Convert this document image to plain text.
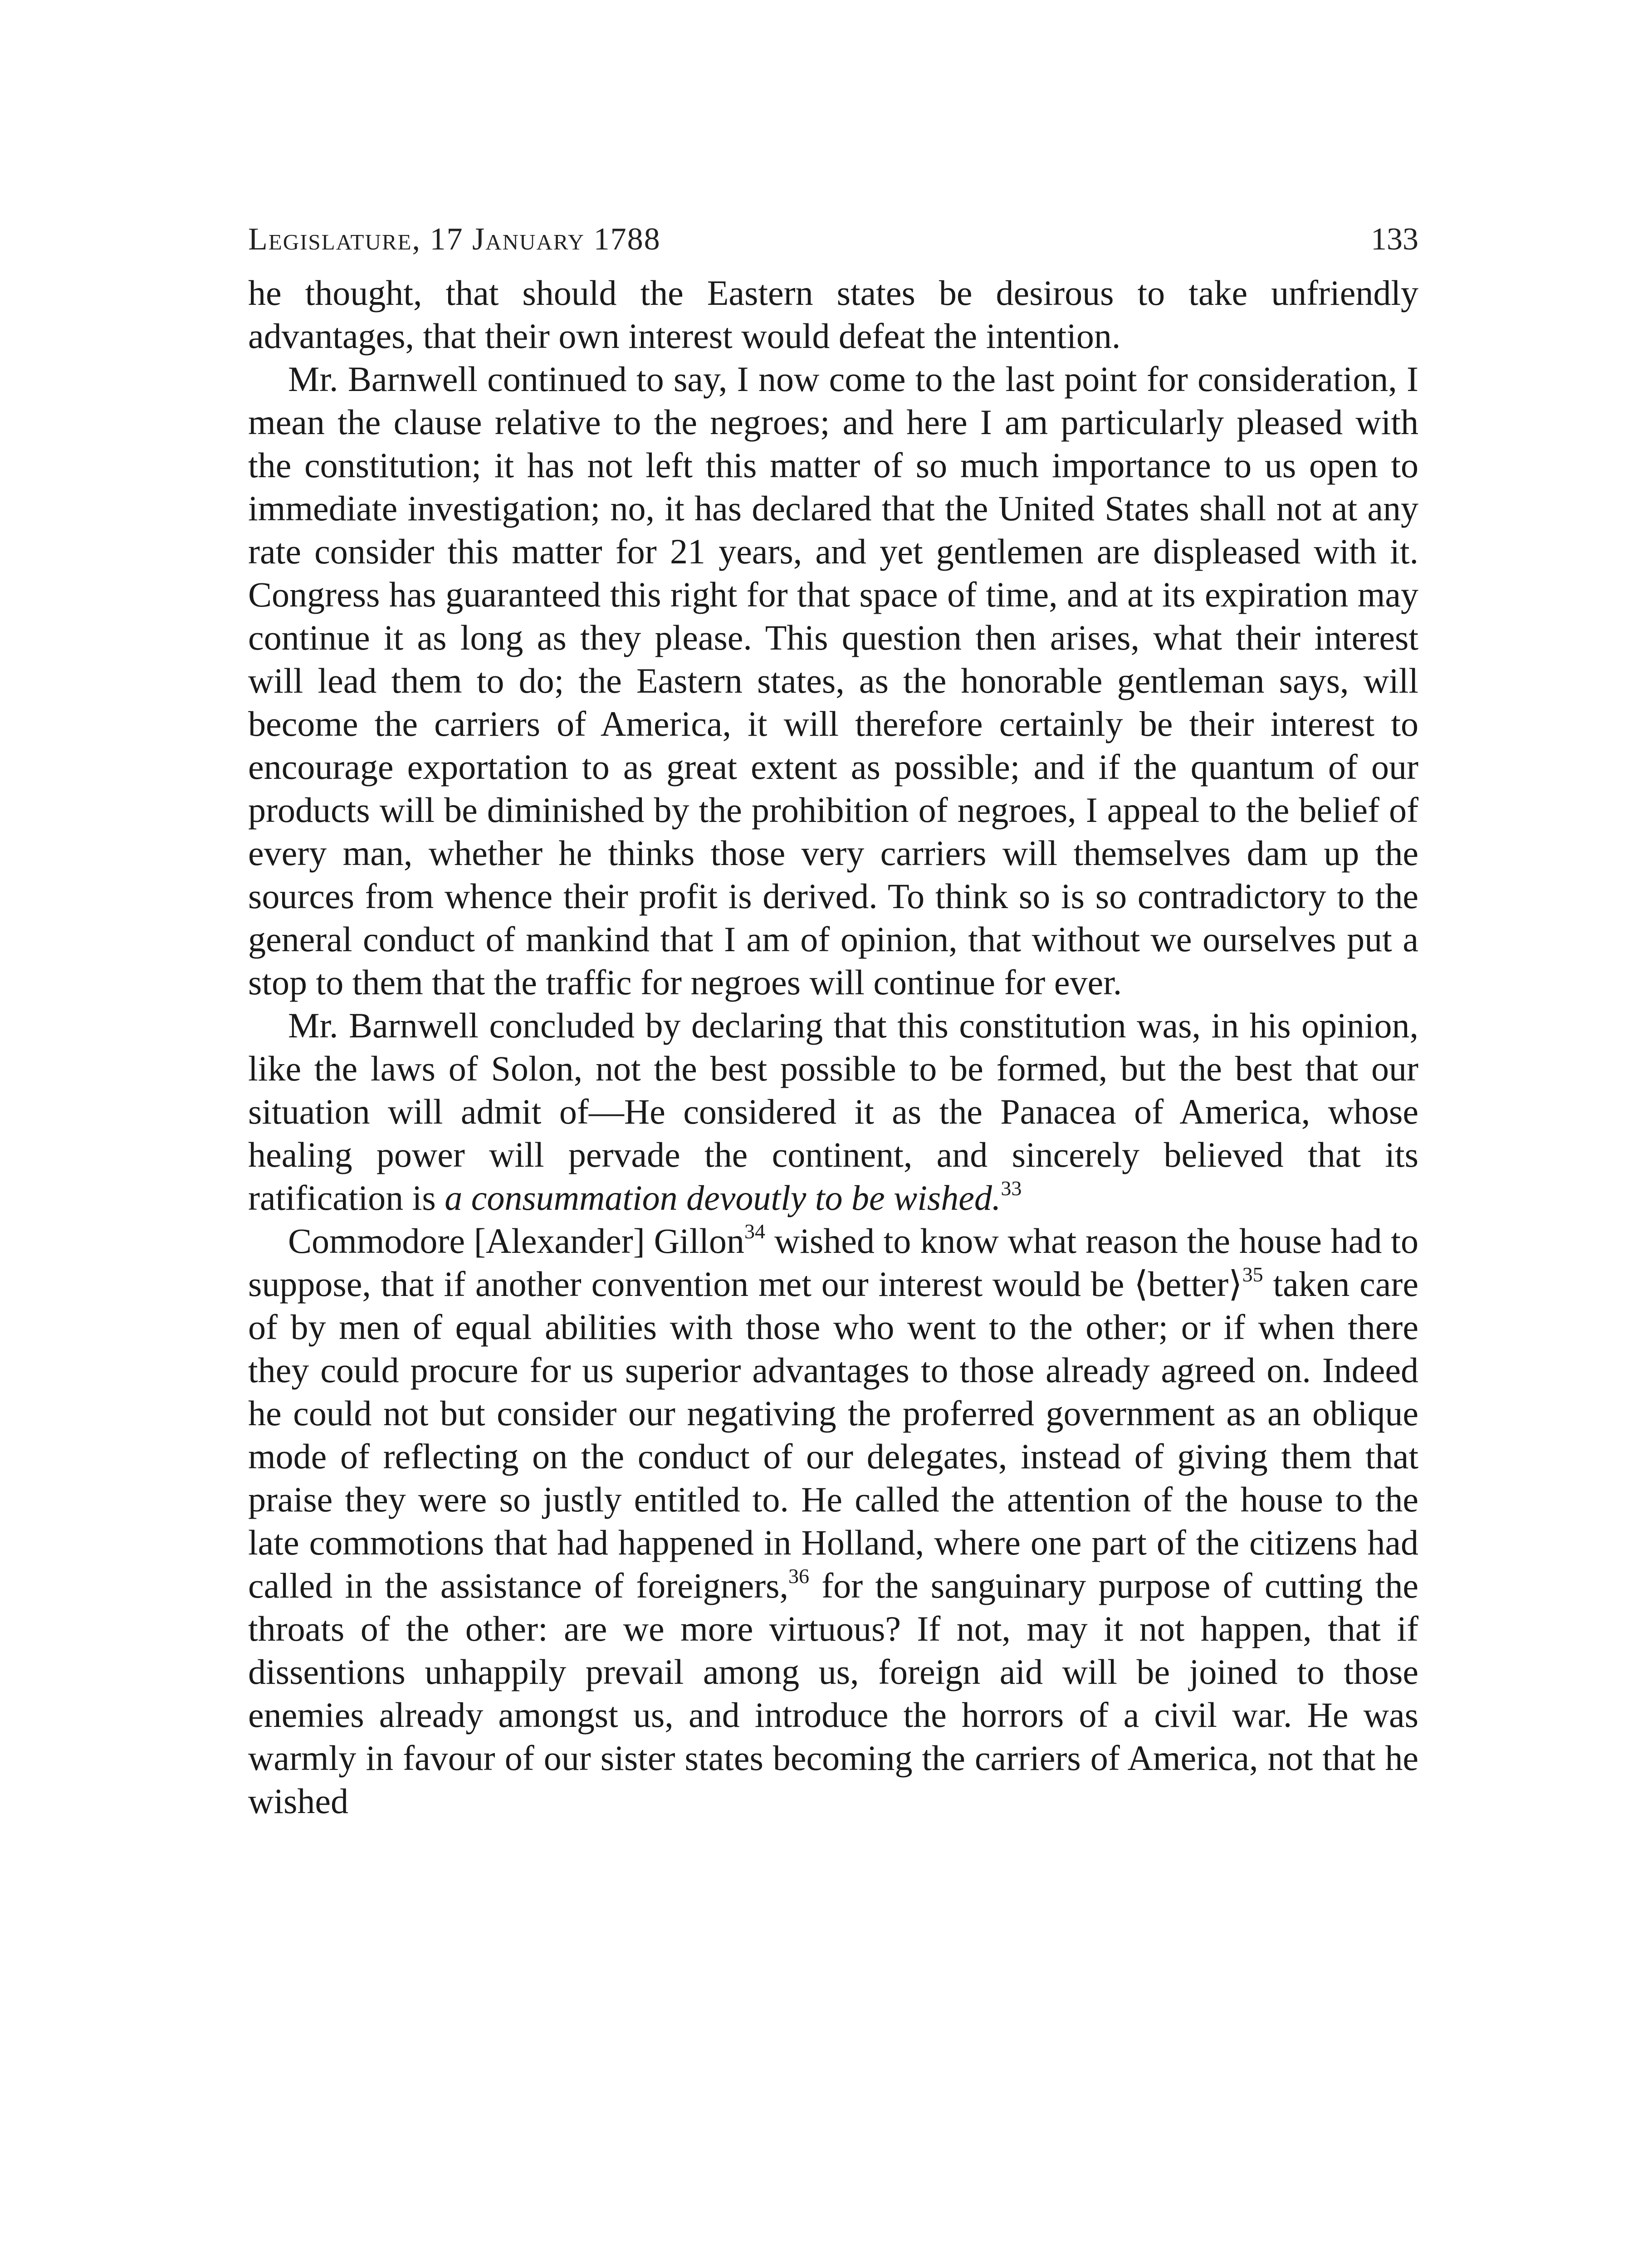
Legislature, 17 January 1788	133

he thought, that should the Eastern states be desirous to take unfriendly advantages, that their own interest would defeat the intention.

Mr. Barnwell continued to say, I now come to the last point for consideration, I mean the clause relative to the negroes; and here I am particularly pleased with the constitution; it has not left this matter of so much importance to us open to immediate investigation; no, it has declared that the United States shall not at any rate consider this matter for 21 years, and yet gentlemen are displeased with it. Congress has guaranteed this right for that space of time, and at its expiration may continue it as long as they please. This question then arises, what their interest will lead them to do; the Eastern states, as the honorable gentleman says, will become the carriers of America, it will therefore certainly be their interest to encourage exportation to as great extent as possible; and if the quantum of our products will be diminished by the prohibition of negroes, I appeal to the belief of every man, whether he thinks those very carriers will themselves dam up the sources from whence their profit is derived. To think so is so contradictory to the general conduct of mankind that I am of opinion, that without we ourselves put a stop to them that the traffic for negroes will continue for ever.

Mr. Barnwell concluded by declaring that this constitution was, in his opinion, like the laws of Solon, not the best possible to be formed, but the best that our situation will admit of—He considered it as the Panacea of America, whose healing power will pervade the continent, and sincerely believed that its ratification is a consummation devoutly to be wished.$^{33}$

Commodore [Alexander] Gillon$^{34}$ wished to know what reason the house had to suppose, that if another convention met our interest would be ⟨better⟩$^{35}$ taken care of by men of equal abilities with those who went to the other; or if when there they could procure for us superior advantages to those already agreed on. Indeed he could not but consider our negativing the proferred government as an oblique mode of reflecting on the conduct of our delegates, instead of giving them that praise they were so justly entitled to. He called the attention of the house to the late commotions that had happened in Holland, where one part of the citizens had called in the assistance of foreigners,$^{36}$ for the sanguinary purpose of cutting the throats of the other: are we more virtuous? If not, may it not happen, that if dissentions unhappily prevail among us, foreign aid will be joined to those enemies already amongst us, and introduce the horrors of a civil war. He was warmly in favour of our sister states becoming the carriers of America, not that he wished
